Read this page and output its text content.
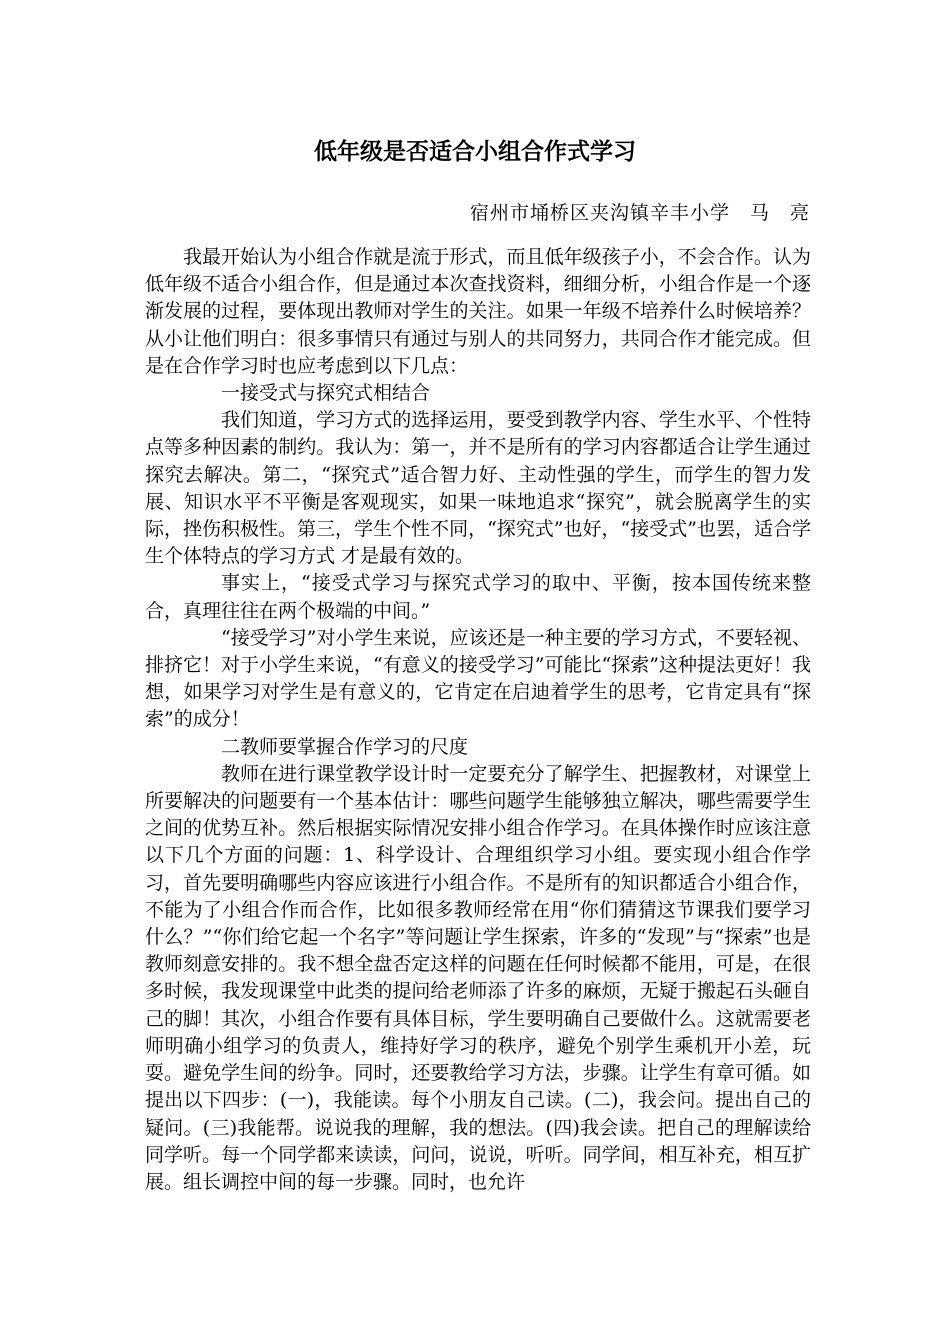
低年级是否适合小组合作式学习
宿州市埇桥区夹沟镇辛丰小学　马　亮

我最开始认为小组合作就是流于形式，而且低年级孩子小，不会合作。认为低年级不适合小组合作，但是通过本次查找资料，细细分析，小组合作是一个逐渐发展的过程，要体现出教师对学生的关注。如果一年级不培养什么时候培养？从小让他们明白：很多事情只有通过与别人的共同努力，共同合作才能完成。但是在合作学习时也应考虑到以下几点：

一接受式与探究式相结合

我们知道，学习方式的选择运用，要受到教学内容、学生水平、个性特点等多种因素的制约。我认为：第一，并不是所有的学习内容都适合让学生通过探究去解决。第二，“探究式”适合智力好、主动性强的学生，而学生的智力发展、知识水平不平衡是客观现实，如果一味地追求“探究”，就会脱离学生的实际，挫伤积极性。第三，学生个性不同，“探究式”也好，“接受式”也罢，适合学生个体特点的学习方式 才是最有效的。

事实上，“接受式学习与探究式学习的取中、平衡，按本国传统来整合，真理往往在两个极端的中间。”

“接受学习”对小学生来说，应该还是一种主要的学习方式，不要轻视、排挤它！对于小学生来说，“有意义的接受学习”可能比“探索”这种提法更好！我想，如果学习对学生是有意义的，它肯定在启迪着学生的思考，它肯定具有“探索”的成分！

二教师要掌握合作学习的尺度

教师在进行课堂教学设计时一定要充分了解学生、把握教材，对课堂上所要解决的问题要有一个基本估计：哪些问题学生能够独立解决，哪些需要学生之间的优势互补。然后根据实际情况安排小组合作学习。在具体操作时应该注意以下几个方面的问题：1、科学设计、合理组织学习小组。要实现小组合作学习，首先要明确哪些内容应该进行小组合作。不是所有的知识都适合小组合作，不能为了小组合作而合作，比如很多教师经常在用“你们猜猜这节课我们要学习什么？”“你们给它起一个名字”等问题让学生探索，许多的“发现”与“探索”也是教师刻意安排的。我不想全盘否定这样的问题在任何时候都不能用，可是，在很多时候，我发现课堂中此类的提问给老师添了许多的麻烦，无疑于搬起石头砸自己的脚！其次，小组合作要有具体目标，学生要明确自己要做什么。这就需要老师明确小组学习的负责人，维持好学习的秩序，避免个别学生乘机开小差，玩耍。避免学生间的纷争。同时，还要教给学习方法，步骤。让学生有章可循。如提出以下四步：(一)，我能读。每个小朋友自己读。(二)，我会问。提出自己的疑问。(三)我能帮。说说我的理解，我的想法。(四)我会读。把自己的理解读给同学听。每一个同学都来读读，问问，说说，听听。同学间，相互补充，相互扩展。组长调控中间的每一步骤。同时，也允许
